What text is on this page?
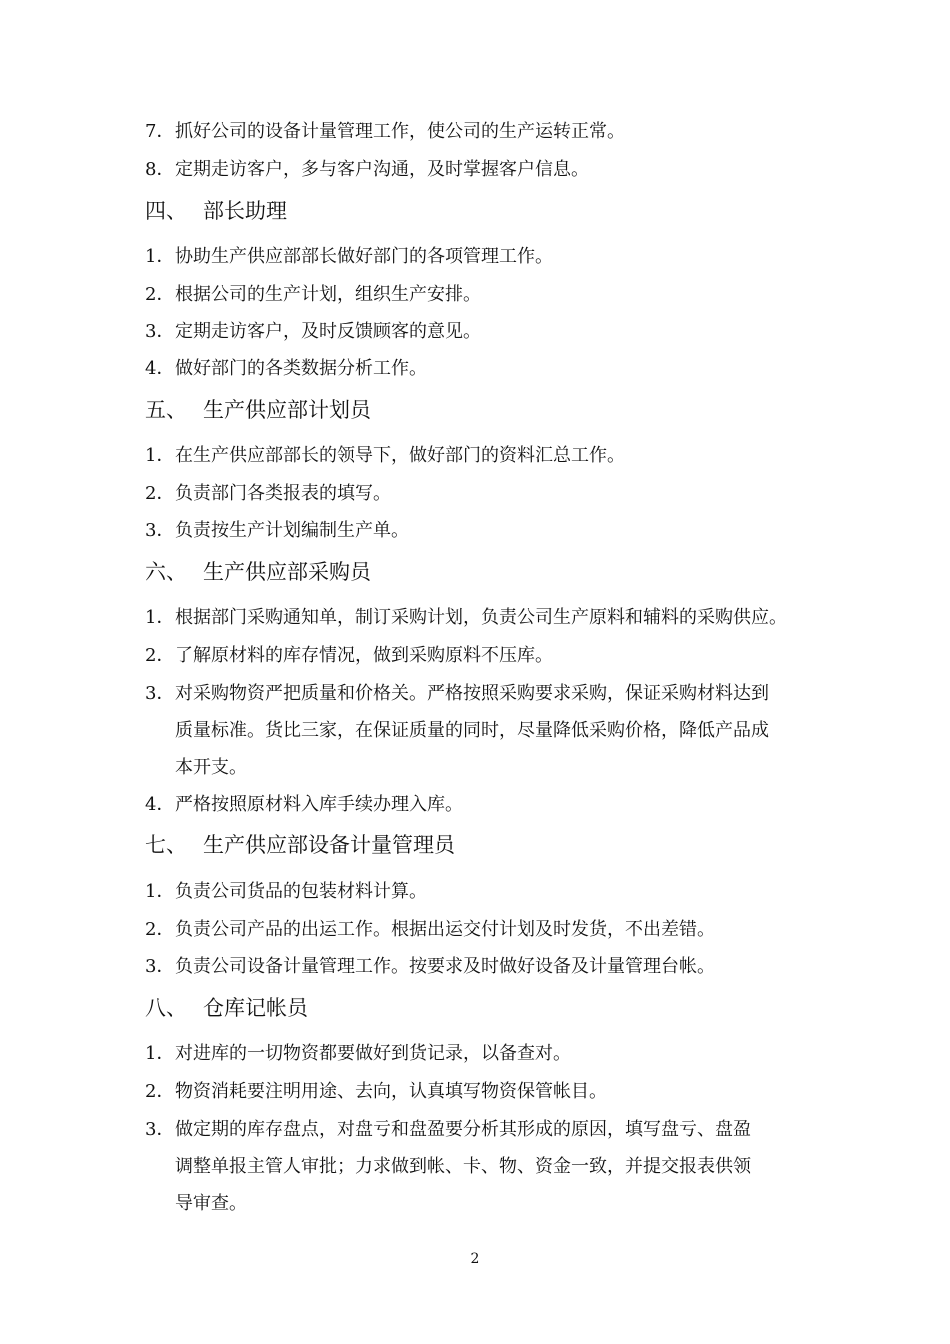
7．抓好公司的设备计量管理工作，使公司的生产运转正常。
8．定期走访客户，多与客户沟通，及时掌握客户信息。
四、 部长助理
1．协助生产供应部部长做好部门的各项管理工作。
2．根据公司的生产计划，组织生产安排。
3．定期走访客户，及时反馈顾客的意见。
4．做好部门的各类数据分析工作。
五、 生产供应部计划员
1．在生产供应部部长的领导下，做好部门的资料汇总工作。
2．负责部门各类报表的填写。
3．负责按生产计划编制生产单。
六、 生产供应部采购员
1．根据部门采购通知单，制订采购计划，负责公司生产原料和辅料的采购供应。
2．了解原材料的库存情况，做到采购原料不压库。
3．对采购物资严把质量和价格关。严格按照采购要求采购，保证采购材料达到
质量标准。货比三家，在保证质量的同时，尽量降低采购价格，降低产品成
本开支。
4．严格按照原材料入库手续办理入库。
七、 生产供应部设备计量管理员
1．负责公司货品的包装材料计算。
2．负责公司产品的出运工作。根据出运交付计划及时发货，不出差错。
3．负责公司设备计量管理工作。按要求及时做好设备及计量管理台帐。
八、 仓库记帐员
1．对进库的一切物资都要做好到货记录，以备查对。
2．物资消耗要注明用途、去向，认真填写物资保管帐目。
3．做定期的库存盘点，对盘亏和盘盈要分析其形成的原因，填写盘亏、盘盈
调整单报主管人审批；力求做到帐、卡、物、资金一致，并提交报表供领
导审查。
2
